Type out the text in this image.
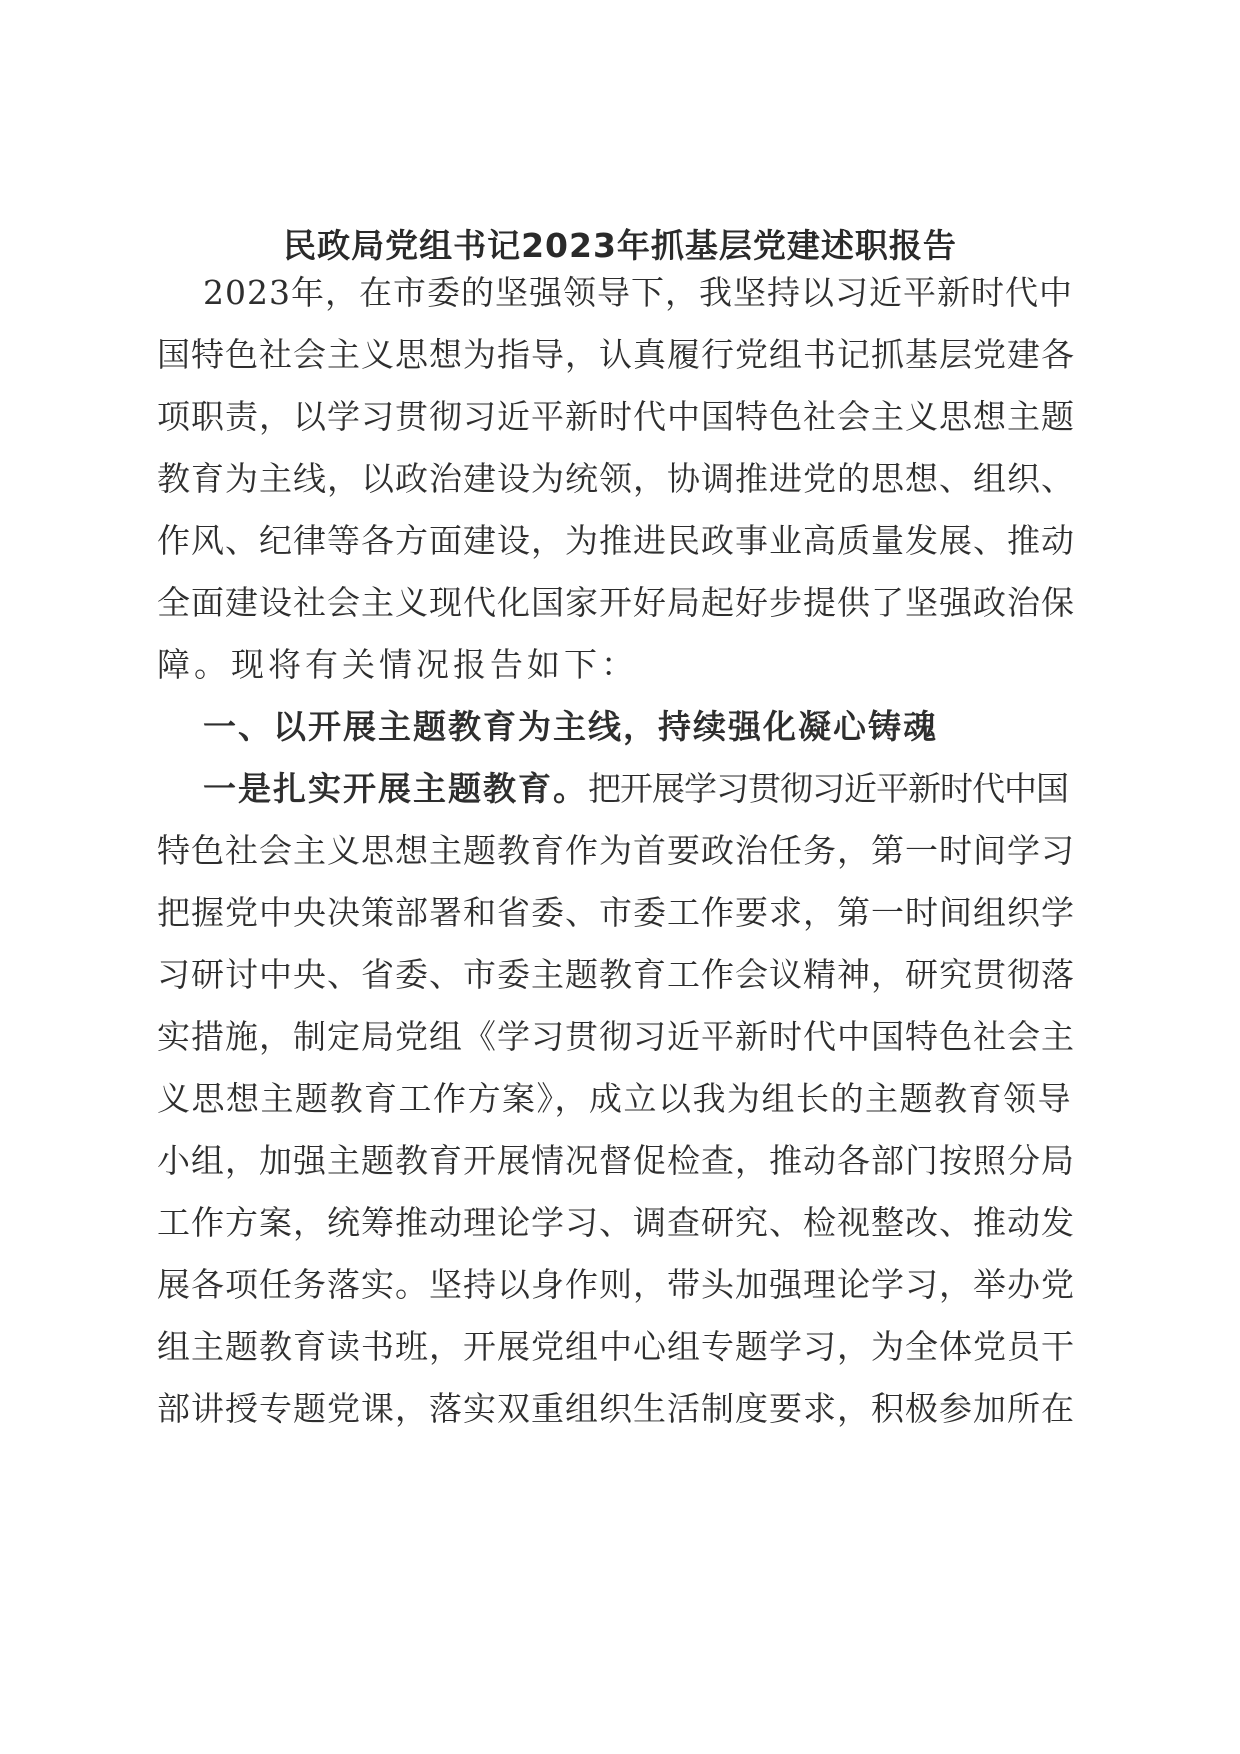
民政局党组书记2023年抓基层党建述职报告

2023年，在市委的坚强领导下，我坚持以习近平新时代中

国特色社会主义思想为指导，认真履行党组书记抓基层党建各

项职责，以学习贯彻习近平新时代中国特色社会主义思想主题

教育为主线，以政治建设为统领，协调推进党的思想、组织、

作风、纪律等各方面建设，为推进民政事业高质量发展、推动

全面建设社会主义现代化国家开好局起好步提供了坚强政治保

障。现将有关情况报告如下：

一、以开展主题教育为主线，持续强化凝心铸魂

一是扎实开展主题教育。把开展学习贯彻习近平新时代中国

特色社会主义思想主题教育作为首要政治任务，第一时间学习

把握党中央决策部署和省委、市委工作要求，第一时间组织学

习研讨中央、省委、市委主题教育工作会议精神，研究贯彻落

实措施，制定局党组《学习贯彻习近平新时代中国特色社会主

义思想主题教育工作方案》，成立以我为组长的主题教育领导

小组，加强主题教育开展情况督促检查，推动各部门按照分局

工作方案，统筹推动理论学习、调查研究、检视整改、推动发

展各项任务落实。坚持以身作则，带头加强理论学习，举办党

组主题教育读书班，开展党组中心组专题学习，为全体党员干

部讲授专题党课，落实双重组织生活制度要求，积极参加所在
